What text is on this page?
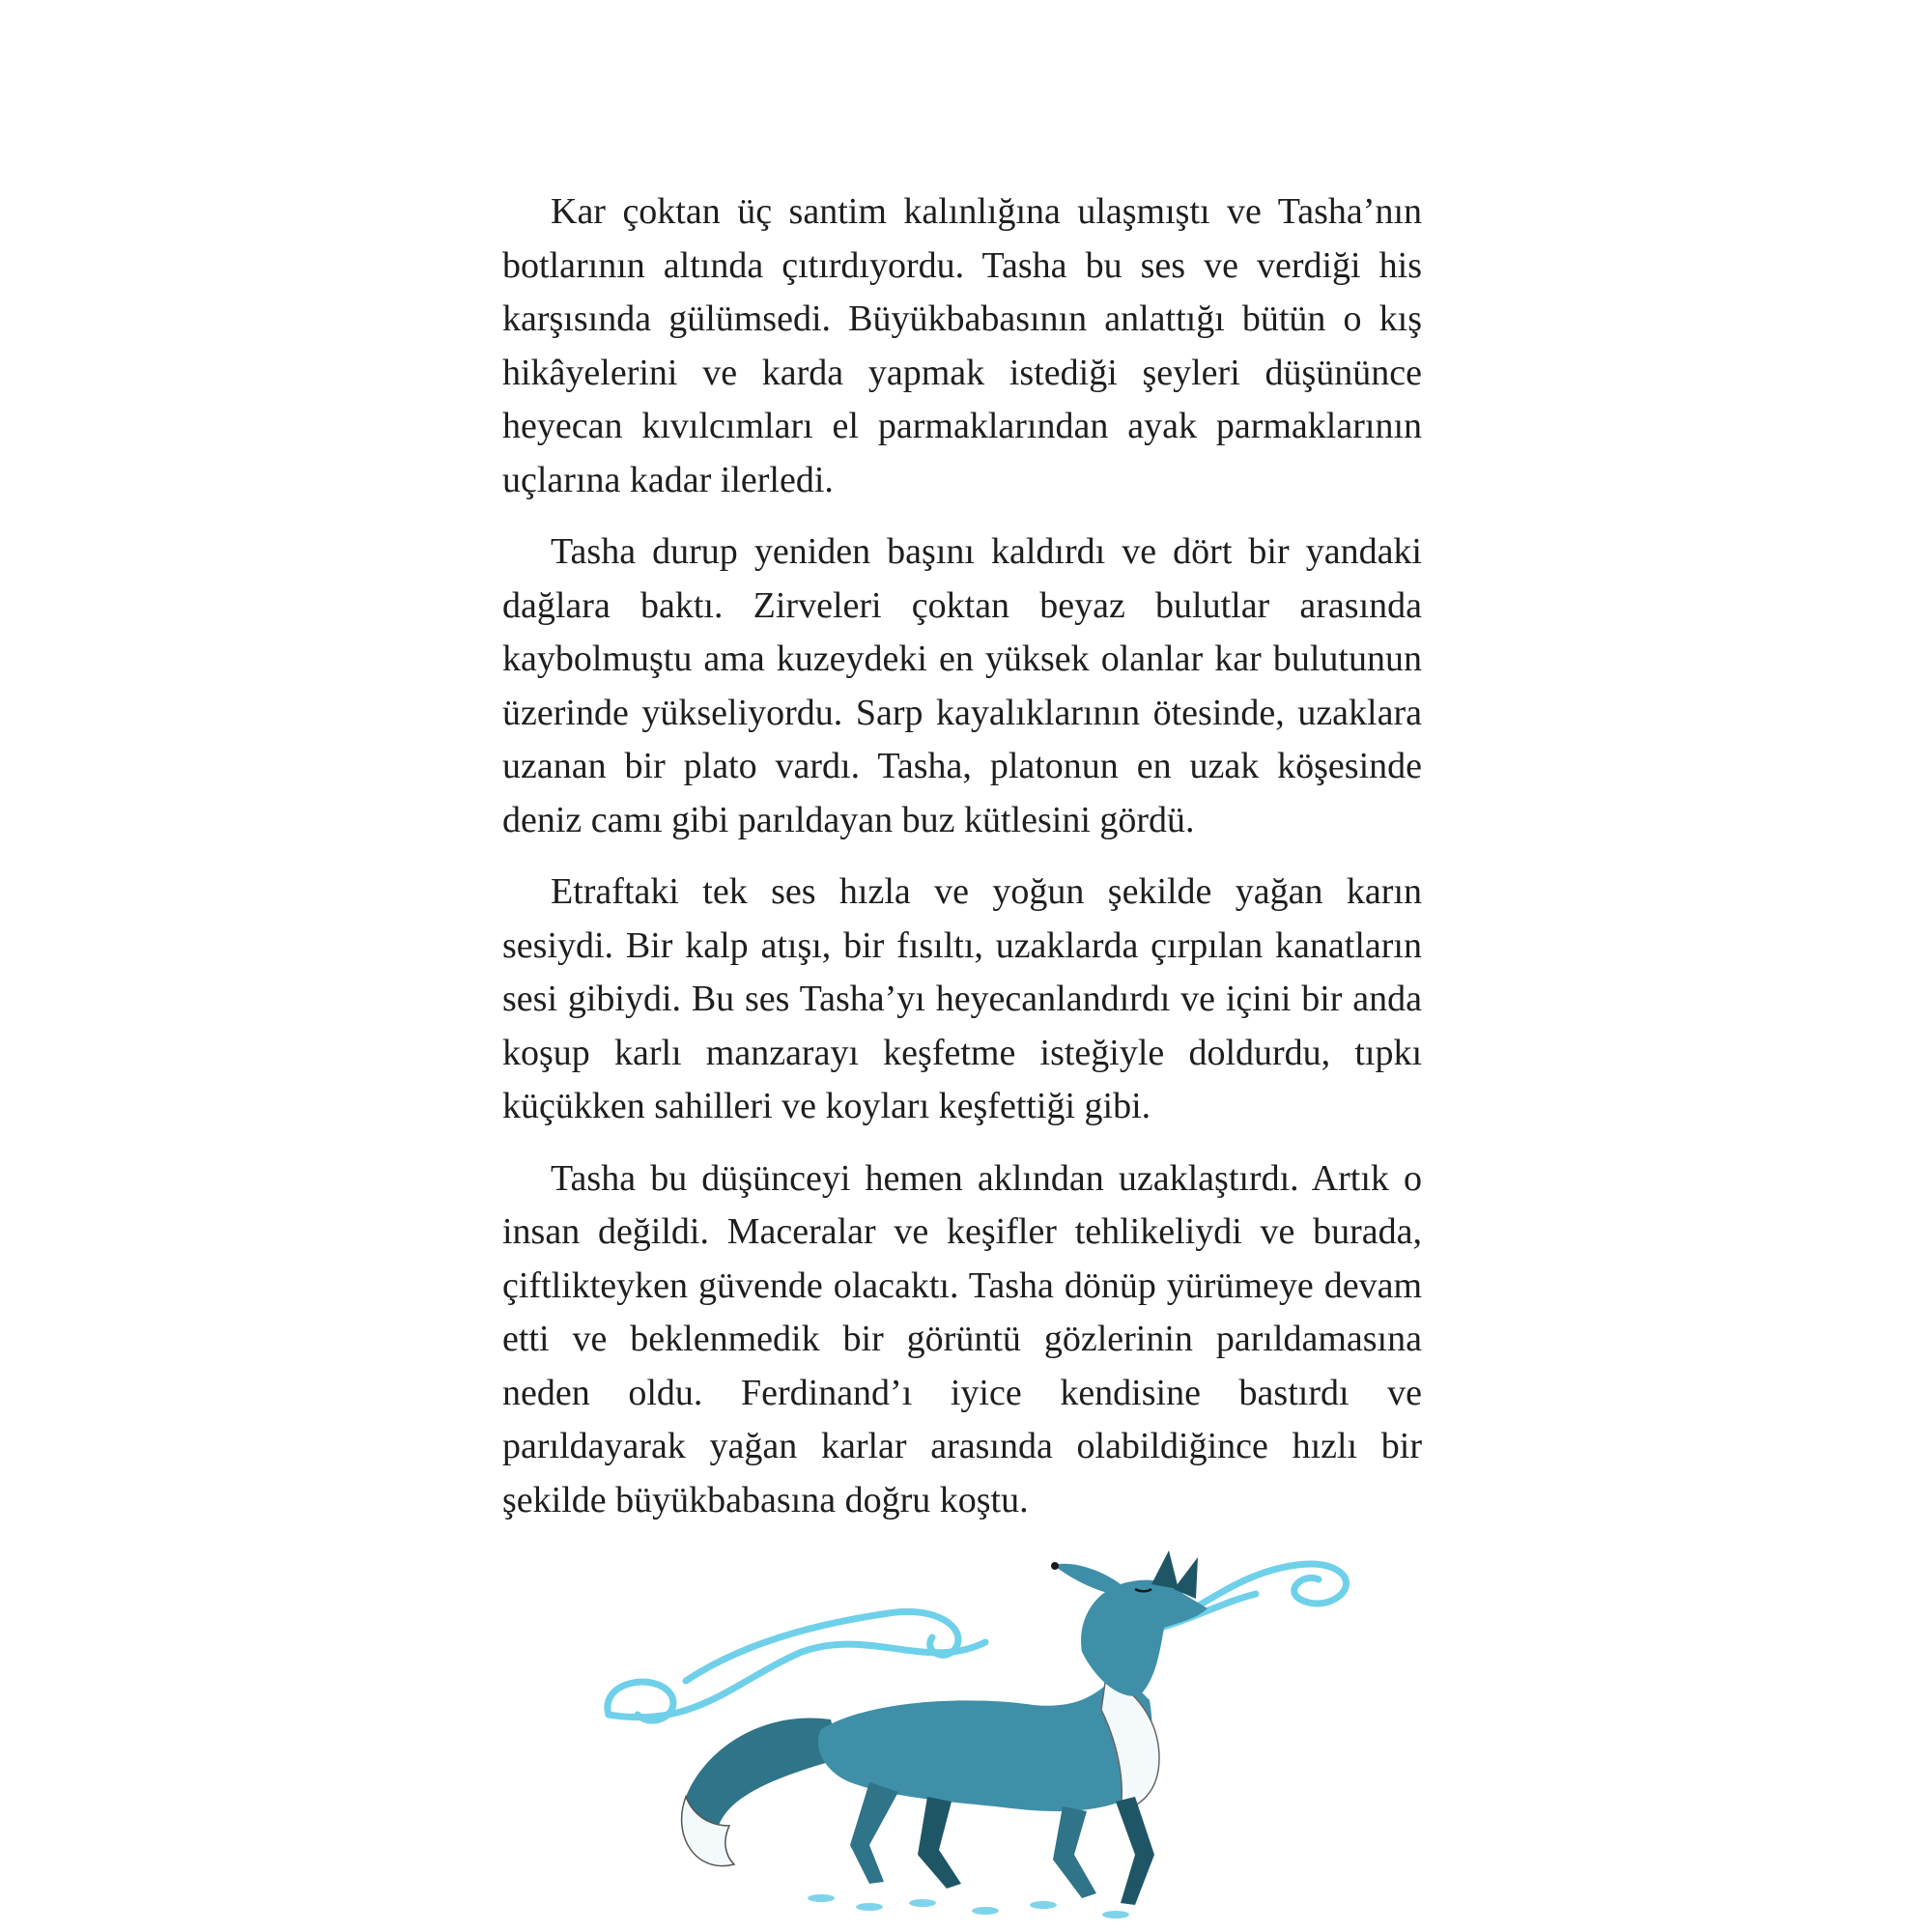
Kar çoktan üç santim kalınlığına ulaşmıştı ve Tasha’nın botlarının altında çıtırdıyordu. Tasha bu ses ve verdiği his karşısında gülümsedi. Büyükbabasının anlattığı bütün o kış hikâyelerini ve karda yapmak istediği şeyleri düşününce heyecan kıvılcımları el parmaklarından ayak parmaklarının uçlarına kadar ilerledi.

Tasha durup yeniden başını kaldırdı ve dört bir yandaki dağlara baktı. Zirveleri çoktan beyaz bulutlar arasında kaybolmuştu ama kuzeydeki en yüksek olanlar kar bulutunun üzerinde yükseliyordu. Sarp kayalıklarının ötesinde, uzaklara uzanan bir plato vardı. Tasha, platonun en uzak köşesinde deniz camı gibi parıldayan buz kütlesini gördü.

Etraftaki tek ses hızla ve yoğun şekilde yağan karın sesiydi. Bir kalp atışı, bir fısıltı, uzaklarda çırpılan kanatların sesi gibiydi. Bu ses Tasha’yı heyecanlandırdı ve içini bir anda koşup karlı manzarayı keşfetme isteğiyle doldurdu, tıpkı küçükken sahilleri ve koyları keşfettiği gibi.

Tasha bu düşünceyi hemen aklından uzaklaştırdı. Artık o insan değildi. Maceralar ve keşifler tehlikeliydi ve burada, çiftlikteyken güvende olacaktı. Tasha dönüp yürümeye devam etti ve beklenmedik bir görüntü gözlerinin parıldamasına neden oldu. Ferdinand’ı iyice kendisine bastırdı ve parıldayarak yağan karlar arasında olabildiğince hızlı bir şekilde büyükbabasına doğru koştu.
